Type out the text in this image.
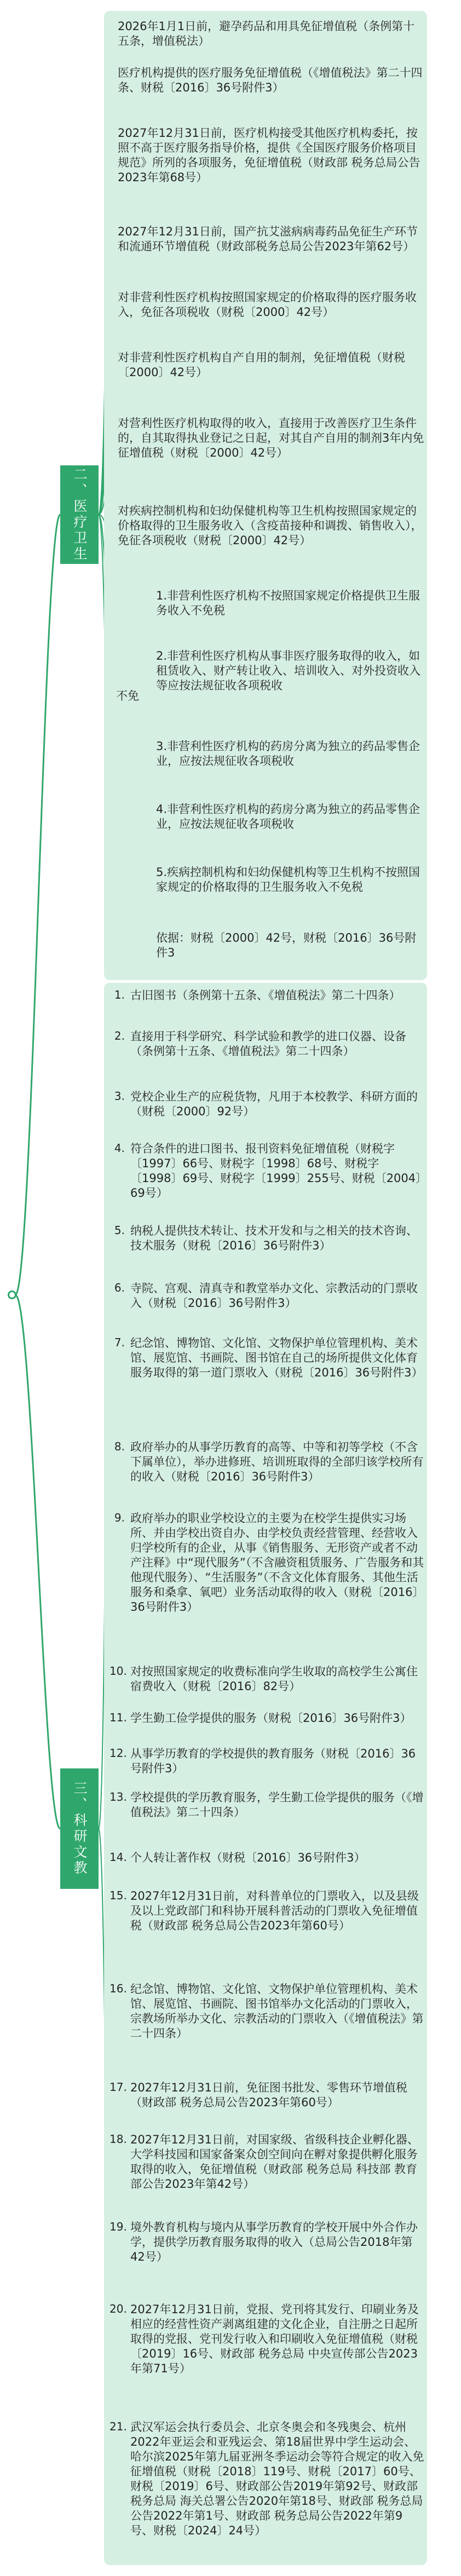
二、医疗卫生
2026年1月1日前，避孕药品和用具免征增值税（条例第十五条，增值税法）
医疗机构提供的医疗服务免征增值税（《增值税法》第二十四条、财税〔2016〕36号附件3）
2027年12月31日前，医疗机构接受其他医疗机构委托，按照不高于医疗服务指导价格，提供《全国医疗服务价格项目规范》所列的各项服务，免征增值税（财政部 税务总局公告2023年第68号）
2027年12月31日前，国产抗艾滋病病毒药品免征生产环节和流通环节增值税（财政部税务总局公告2023年第62号）
对非营利性医疗机构按照国家规定的价格取得的医疗服务收入，免征各项税收（财税〔2000〕42号）
对非营利性医疗机构自产自用的制剂，免征增值税（财税〔2000〕42号）
对营利性医疗机构取得的收入，直接用于改善医疗卫生条件的，自其取得执业登记之日起，对其自产自用的制剂3年内免征增值税（财税〔2000〕42号）
对疾病控制机构和妇幼保健机构等卫生机构按照国家规定的价格取得的卫生服务收入（含疫苗接种和调拨、销售收入），免征各项税收（财税〔2000〕42号）
不免
1.非营利性医疗机构不按照国家规定价格提供卫生服务收入不免税
2.非营利性医疗机构从事非医疗服务取得的收入，如租赁收入、财产转让收入、培训收入、对外投资收入等应按法规征收各项税收
3.非营利性医疗机构的药房分离为独立的药品零售企业，应按法规征收各项税收
4.非营利性医疗机构的药房分离为独立的药品零售企业，应按法规征收各项税收
5.疾病控制机构和妇幼保健机构等卫生机构不按照国家规定的价格取得的卫生服务收入不免税
依据：财税〔2000〕42号，财税〔2016〕36号附件3
三、科研文教
1. 古旧图书（条例第十五条、《增值税法》第二十四条）
2. 直接用于科学研究、科学试验和教学的进口仪器、设备（条例第十五条、《增值税法》第二十四条）
3. 党校企业生产的应税货物，凡用于本校教学、科研方面的（财税〔2000〕92号）
4. 符合条件的进口图书、报刊资料免征增值税（财税字〔1997〕66号、财税字〔1998〕68号、财税字〔1998〕69号、财税字〔1999〕255号、财税〔2004〕69号）
5. 纳税人提供技术转让、技术开发和与之相关的技术咨询、技术服务（财税〔2016〕36号附件3）
6. 寺院、宫观、清真寺和教堂举办文化、宗教活动的门票收入（财税〔2016〕36号附件3）
7. 纪念馆、博物馆、文化馆、文物保护单位管理机构、美术馆、展览馆、书画院、图书馆在自己的场所提供文化体育服务取得的第一道门票收入（财税〔2016〕36号附件3）
8. 政府举办的从事学历教育的高等、中等和初等学校（不含下属单位），举办进修班、培训班取得的全部归该学校所有的收入（财税〔2016〕36号附件3）
9. 政府举办的职业学校设立的主要为在校学生提供实习场所、并由学校出资自办、由学校负责经营管理、经营收入归学校所有的企业，从事《销售服务、无形资产或者不动产注释》中“现代服务”（不含融资租赁服务、广告服务和其他现代服务）、“生活服务”（不含文化体育服务、其他生活服务和桑拿、氧吧）业务活动取得的收入（财税〔2016〕36号附件3）
10. 对按照国家规定的收费标准向学生收取的高校学生公寓住宿费收入（财税〔2016〕82号）
11. 学生勤工俭学提供的服务（财税〔2016〕36号附件3）
12. 从事学历教育的学校提供的教育服务（财税〔2016〕36号附件3）
13. 学校提供的学历教育服务，学生勤工俭学提供的服务（《增值税法》第二十四条）
14. 个人转让著作权（财税〔2016〕36号附件3）
15. 2027年12月31日前，对科普单位的门票收入，以及县级及以上党政部门和科协开展科普活动的门票收入免征增值税（财政部 税务总局公告2023年第60号）
16. 纪念馆、博物馆、文化馆、文物保护单位管理机构、美术馆、展览馆、书画院、图书馆举办文化活动的门票收入，宗教场所举办文化、宗教活动的门票收入（《增值税法》第二十四条）
17. 2027年12月31日前，免征图书批发、零售环节增值税（财政部 税务总局公告2023年第60号）
18. 2027年12月31日前，对国家级、省级科技企业孵化器、大学科技园和国家备案众创空间向在孵对象提供孵化服务取得的收入，免征增值税（财政部 税务总局 科技部 教育部公告2023年第42号）
19. 境外教育机构与境内从事学历教育的学校开展中外合作办学，提供学历教育服务取得的收入（总局公告2018年第42号）
20. 2027年12月31日前，党报、党刊将其发行、印刷业务及相应的经营性资产剥离组建的文化企业，自注册之日起所取得的党报、党刊发行收入和印刷收入免征增值税（财税〔2019〕16号、财政部 税务总局 中央宣传部公告2023年第71号）
21. 武汉军运会执行委员会、北京冬奥会和冬残奥会、杭州2022年亚运会和亚残运会、第18届世界中学生运动会、哈尔滨2025年第九届亚洲冬季运动会等符合规定的收入免征增值税（财税〔2018〕119号、财税〔2017〕60号、财税〔2019〕6号、财政部公告2019年第92号、财政部 税务总局 海关总署公告2020年第18号、财政部 税务总局公告2022年第1号、财政部 税务总局公告2022年第9号、财税〔2024〕24号）
